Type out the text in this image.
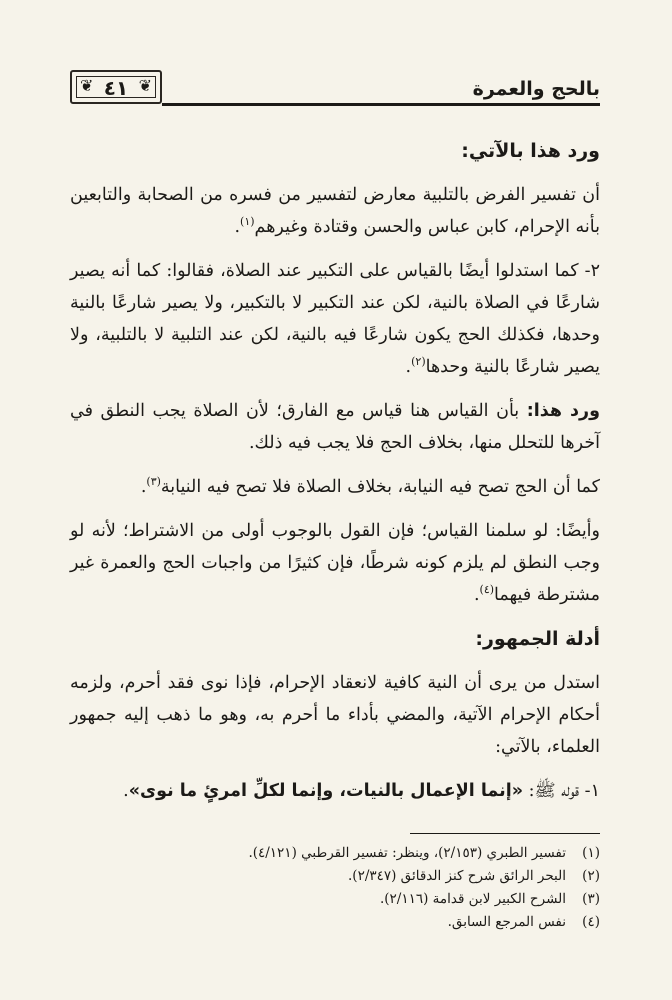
بالحج والعمرة
❦	❦
٤١

ورد هذا بالآتي:

أن تفسير الفرض بالتلبية معارض لتفسير من فسره من الصحابة والتابعين بأنه الإحرام، كابن عباس والحسن وقتادة وغيرهم$^{(١)}$.

٢- كما استدلوا أيضًا بالقياس على التكبير عند الصلاة، فقالوا: كما أنه يصير شارعًا في الصلاة بالنية، لكن عند التكبير لا بالتكبير، ولا يصير شارعًا بالنية وحدها، فكذلك الحج يكون شارعًا فيه بالنية، لكن عند التلبية لا بالتلبية، ولا يصير شارعًا بالنية وحدها$^{(٢)}$.

ورد هذا: بأن القياس هنا قياس مع الفارق؛ لأن الصلاة يجب النطق في آخرها للتحلل منها، بخلاف الحج فلا يجب فيه ذلك.

كما أن الحج تصح فيه النيابة، بخلاف الصلاة فلا تصح فيه النيابة$^{(٣)}$.

وأيضًا: لو سلمنا القياس؛ فإن القول بالوجوب أولى من الاشتراط؛ لأنه لو وجب النطق لم يلزم كونه شرطًا، فإن كثيرًا من واجبات الحج والعمرة غير مشترطة فيهما$^{(٤)}$.

أدلة الجمهور:

استدل من يرى أن النية كافية لانعقاد الإحرام، فإذا نوى فقد أحرم، ولزمه أحكام الإحرام الآتية، والمضي بأداء ما أحرم به، وهو ما ذهب إليه جمهور العلماء، بالآتي:

١- قوله ﷺ: «إنما الإعمال بالنيات، وإنما لكلِّ امرئٍ ما نوى».

(١)تفسير الطبري (٢/١٥٣)، وينظر: تفسير القرطبي (٤/١٢١).

(٢)البحر الرائق شرح كنز الدقائق (٢/٣٤٧).

(٣)الشرح الكبير لابن قدامة (٢/١١٦).

(٤)نفس المرجع السابق.
